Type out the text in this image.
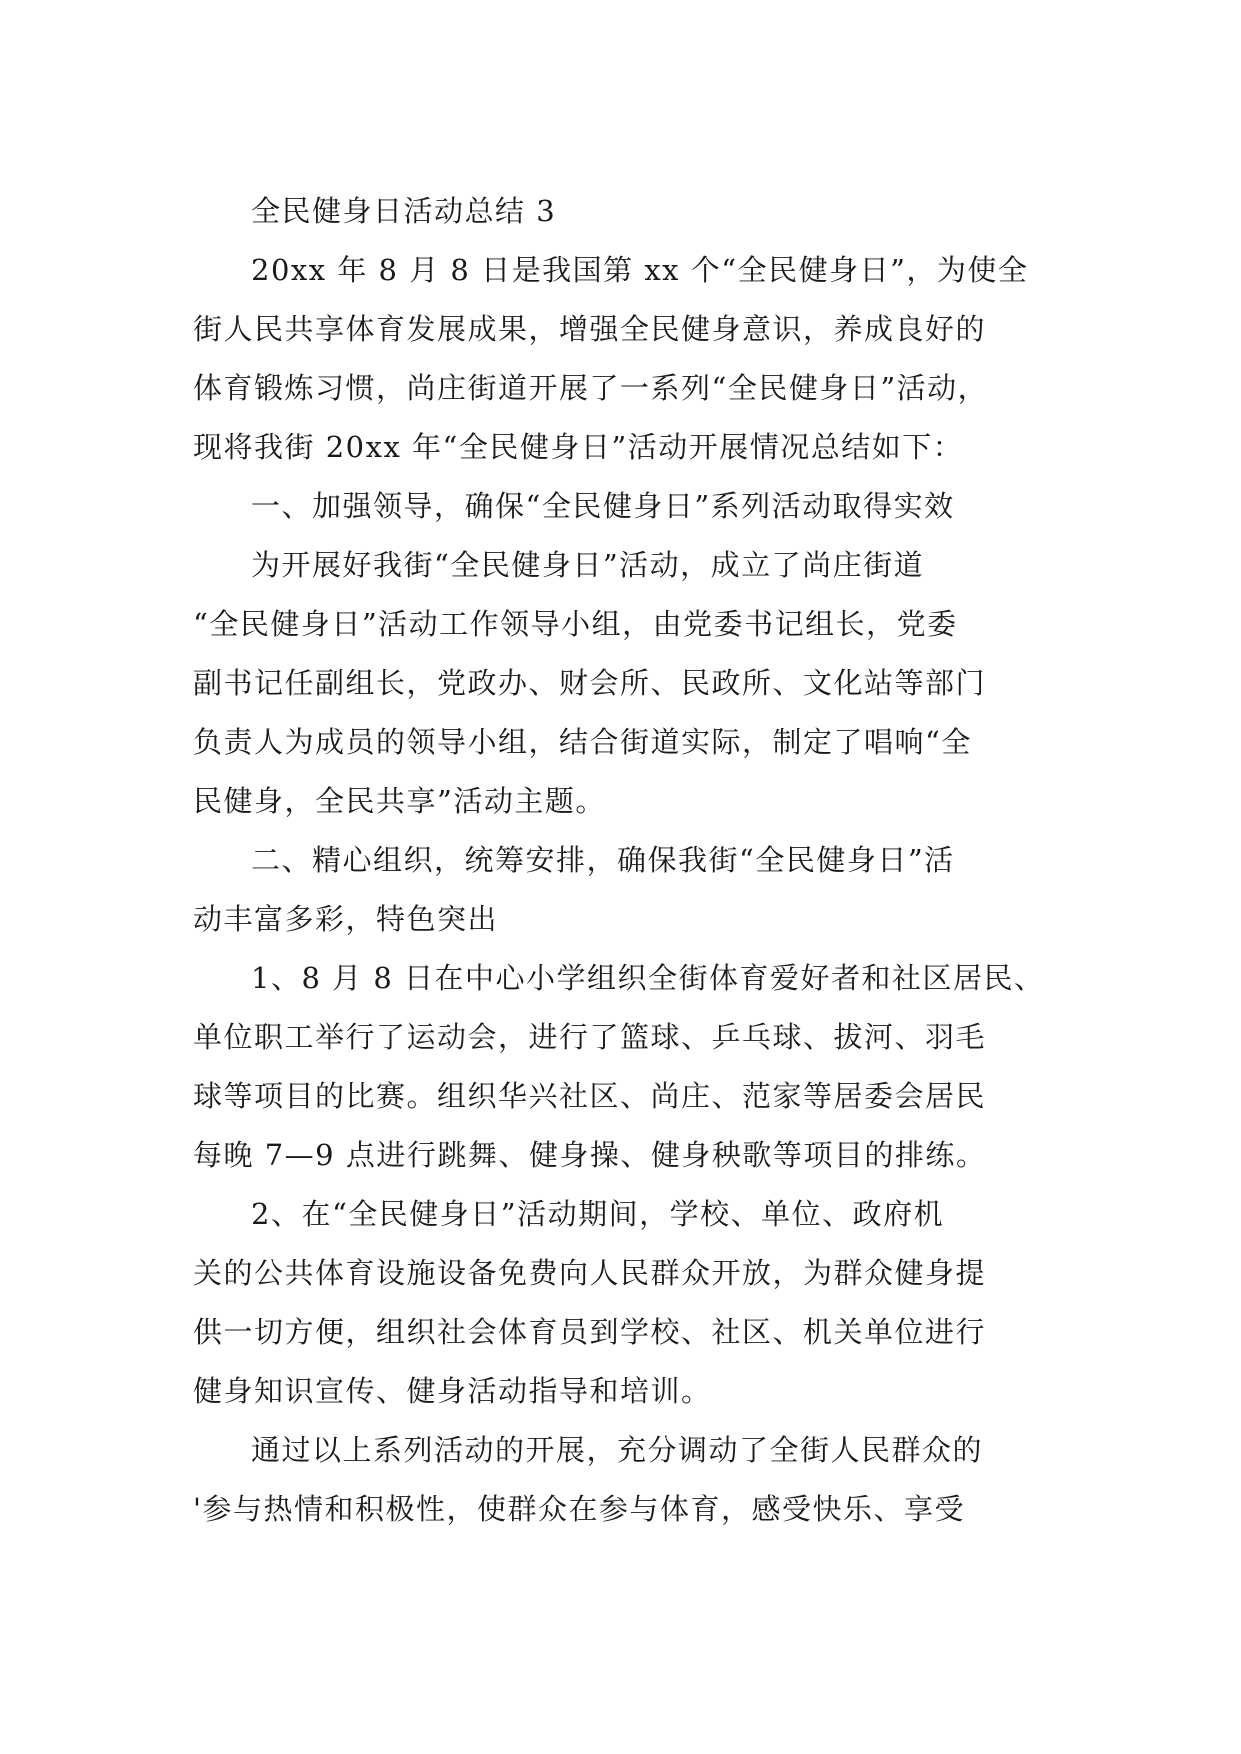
全民健身日活动总结 3
20xx 年 8 月 8 日是我国第 xx 个“全民健身日”，为使全
街人民共享体育发展成果，增强全民健身意识，养成良好的
体育锻炼习惯，尚庄街道开展了一系列“全民健身日”活动，
现将我街 20xx 年“全民健身日”活动开展情况总结如下：
一、加强领导，确保“全民健身日”系列活动取得实效
为开展好我街“全民健身日”活动，成立了尚庄街道
“全民健身日”活动工作领导小组，由党委书记组长，党委
副书记任副组长，党政办、财会所、民政所、文化站等部门
负责人为成员的领导小组，结合街道实际，制定了唱响“全
民健身，全民共享”活动主题。
二、精心组织，统筹安排，确保我街“全民健身日”活
动丰富多彩，特色突出
1、8 月 8 日在中心小学组织全街体育爱好者和社区居民、
单位职工举行了运动会，进行了篮球、乒乓球、拔河、羽毛
球等项目的比赛。组织华兴社区、尚庄、范家等居委会居民
每晚 7—9 点进行跳舞、健身操、健身秧歌等项目的排练。
2、在“全民健身日”活动期间，学校、单位、政府机
关的公共体育设施设备免费向人民群众开放，为群众健身提
供一切方便，组织社会体育员到学校、社区、机关单位进行
健身知识宣传、健身活动指导和培训。
通过以上系列活动的开展，充分调动了全街人民群众的
'参与热情和积极性，使群众在参与体育，感受快乐、享受
